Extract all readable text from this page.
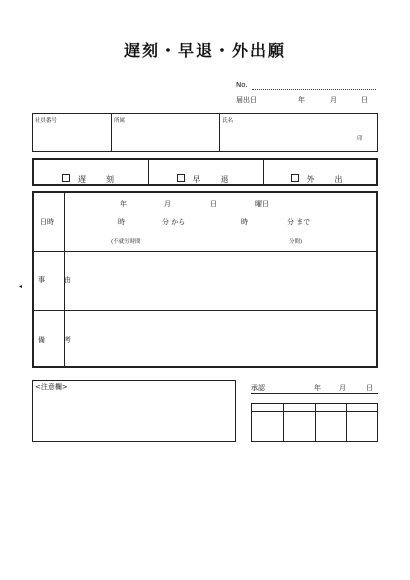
遅刻・早退・外出願
No.
届出日	年	月	日
社員番号	所属	氏名
印
遅　刻	早　退	外　出
日時
年	月	日	曜日
時	分 から	時	分 まで
(不就労時間	分間)
事　由
備　考
◂
<注意欄>	承認	年	月	日
